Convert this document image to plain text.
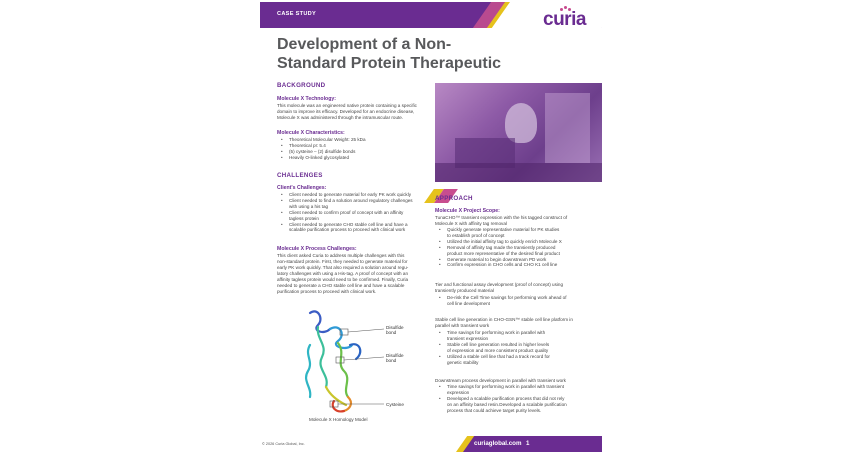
CASE STUDY	curia
Development of a Non-Standard Protein Therapeutic
BACKGROUND
Molecule X Technology:
This molecule was an engineered native protein containing a specific
domain to improve its efficacy. Developed for an endocrine disease,
Molecule X was administered through the intramuscular route.
Molecule X Characteristics:
• Theoretical Molecular Weight: 25 kDa
• Theoretical pI: 5.4
• (5) cysteine – (2) disulfide bonds
• Heavily O-linked glycosylated
CHALLENGES
Client's Challenges:
• Client needed to generate material for early PK work quickly
• Client needed to find a solution around regulatory challenges
with using a his tag
• Client needed to confirm proof of concept with an affinity
tagless protein
• Client needed to generate CHO stable cell line and have a
scalable purification process to proceed with clinical work
Molecule X Process Challenges:
This client asked Curia to address multiple challenges with this
non-standard protein. First, they needed to generate material for
early PK work quickly. That also required a solution around regu-
latory challenges with using a His-tag. A proof of concept with an
affinity tagless protein would need to be confirmed. Finally, Curia
needed to generate a CHO stable cell line and have a scalable
purification process to proceed with clinical work.
Disulfide
bond
Disulfide
bond
Cysteine
Molecule X Homology Model
APPROACH
Molecule X Project Scope:
TunaCHO™ transient expression with the his tagged construct of
Molecule X with affinity tag removal
• Quickly generate representative material for PK studies
to establish proof of concept
• Utilized the initial affinity tag to quickly enrich Molecule X
• Removal of affinity tag made the transiently produced
product more representative of the desired final product
• Generate material to begin downstream PD work
• Confirm expression in CHO cells and CHO K1 cell line
Tier and functional assay development (proof of concept) using
transiently produced material
• De-risk the Cell Time savings for performing work ahead of
cell line development
Stable cell line generation in CHO-GSN™ stable cell line platform in
parallel with transient work
• Time savings for performing work in parallel with
transient expression
• Stable cell line generation resulted in higher levels
of expression and more consistent product quality
• Utilized a stable cell line that had a track record for
genetic stability
Downstream process development in parallel with transient work
• Time savings for performing work in parallel with transient
expression
• Developed a scalable purification process that did not rely
on an affinity based resin.Developed a scalable purification
process that could achieve target purity levels.
© 2026 Curia Global, Inc.	curiaglobal.com 1
